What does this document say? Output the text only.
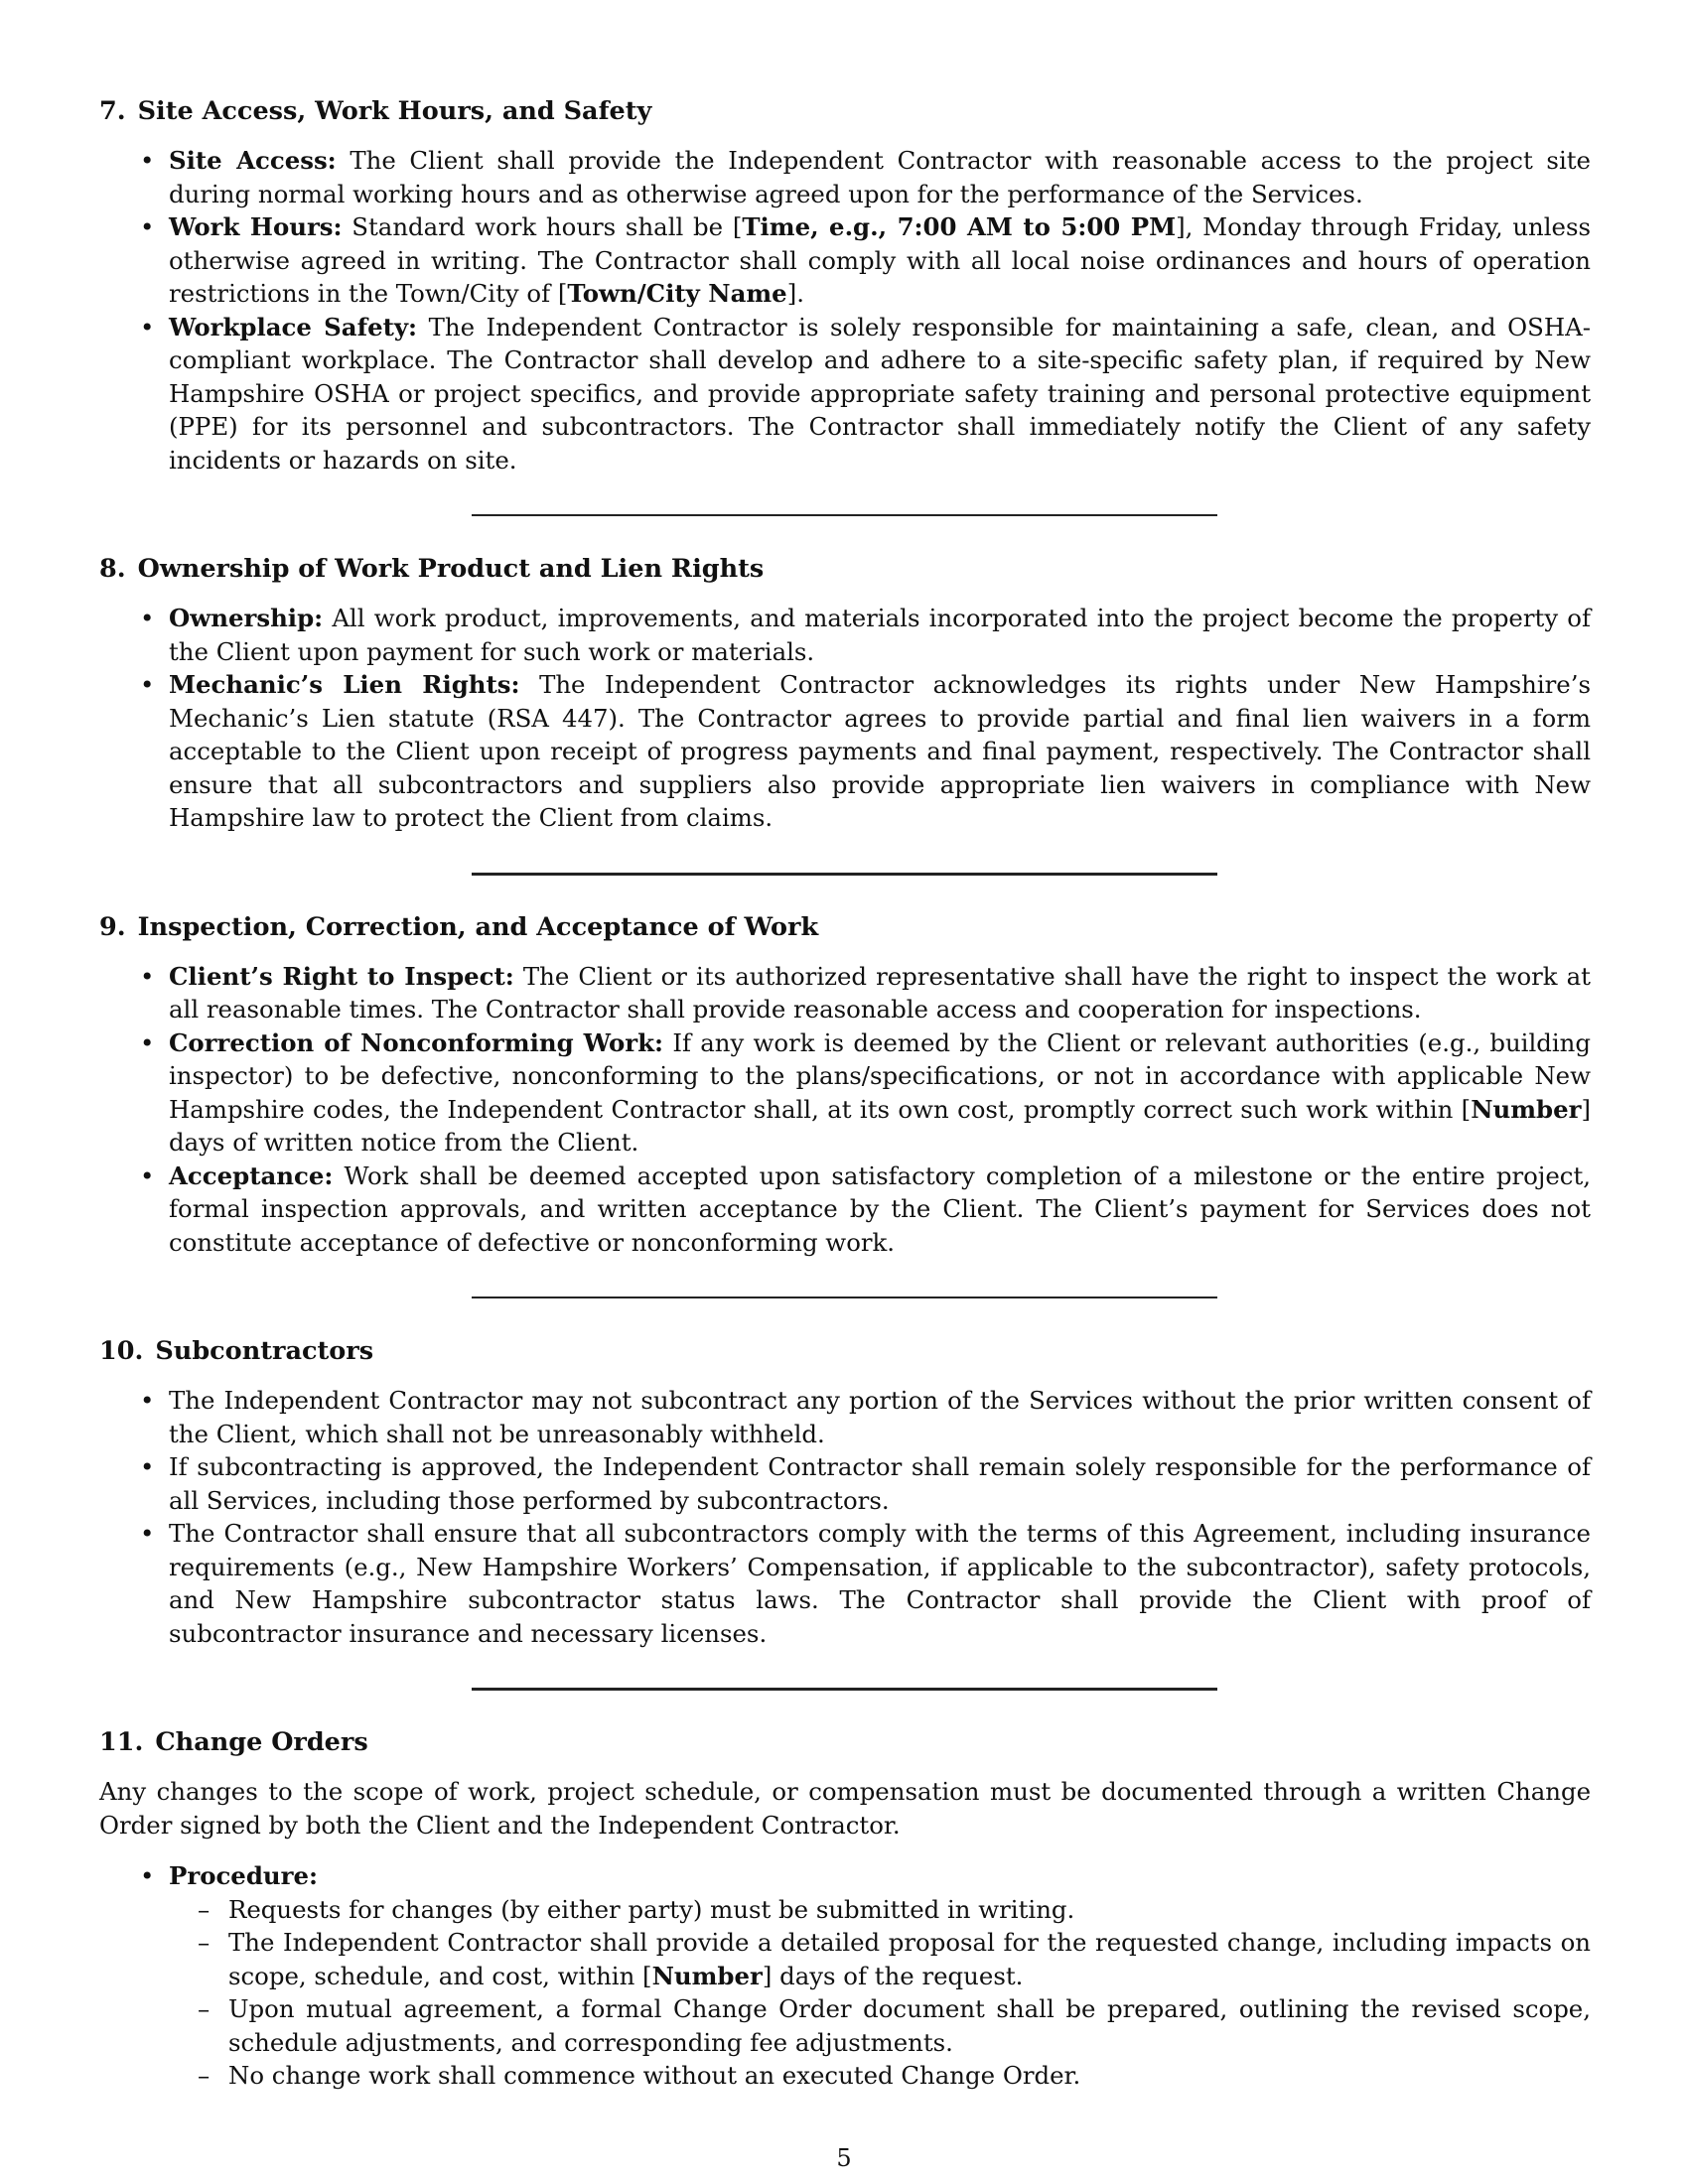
7. Site Access, Work Hours, and Safety
• Site Access: The Client shall provide the Independent Contractor with reasonable access to the project site during normal working hours and as otherwise agreed upon for the performance of the Services.
• Work Hours: Standard work hours shall be [Time, e.g., 7:00 AM to 5:00 PM], Monday through Friday, unless otherwise agreed in writing. The Contractor shall comply with all local noise ordinances and hours of operation restrictions in the Town/City of [Town/City Name].
• Workplace Safety: The Independent Contractor is solely responsible for maintaining a safe, clean, and OSHA-compliant workplace. The Contractor shall develop and adhere to a site-specific safety plan, if required by New Hampshire OSHA or project specifics, and provide appropriate safety training and personal protective equipment (PPE) for its personnel and subcontractors. The Contractor shall immediately notify the Client of any safety incidents or hazards on site.
8. Ownership of Work Product and Lien Rights
• Ownership: All work product, improvements, and materials incorporated into the project become the property of the Client upon payment for such work or materials.
• Mechanic’s Lien Rights: The Independent Contractor acknowledges its rights under New Hampshire’s Mechanic’s Lien statute (RSA 447). The Contractor agrees to provide partial and final lien waivers in a form acceptable to the Client upon receipt of progress payments and final payment, respectively. The Contractor shall ensure that all subcontractors and suppliers also provide appropriate lien waivers in compliance with New Hampshire law to protect the Client from claims.
9. Inspection, Correction, and Acceptance of Work
• Client’s Right to Inspect: The Client or its authorized representative shall have the right to inspect the work at all reasonable times. The Contractor shall provide reasonable access and cooperation for inspections.
• Correction of Nonconforming Work: If any work is deemed by the Client or relevant authorities (e.g., building inspector) to be defective, nonconforming to the plans/specifications, or not in accordance with applicable New Hampshire codes, the Independent Contractor shall, at its own cost, promptly correct such work within [Number] days of written notice from the Client.
• Acceptance: Work shall be deemed accepted upon satisfactory completion of a milestone or the entire project, formal inspection approvals, and written acceptance by the Client. The Client’s payment for Services does not constitute acceptance of defective or nonconforming work.
10. Subcontractors
• The Independent Contractor may not subcontract any portion of the Services without the prior written consent of the Client, which shall not be unreasonably withheld.
• If subcontracting is approved, the Independent Contractor shall remain solely responsible for the performance of all Services, including those performed by subcontractors.
• The Contractor shall ensure that all subcontractors comply with the terms of this Agreement, including insurance requirements (e.g., New Hampshire Workers’ Compensation, if applicable to the subcontractor), safety protocols, and New Hampshire subcontractor status laws. The Contractor shall provide the Client with proof of subcontractor insurance and necessary licenses.
11. Change Orders

Any changes to the scope of work, project schedule, or compensation must be documented through a written Change Order signed by both the Client and the Independent Contractor.

• Procedure:
– Requests for changes (by either party) must be submitted in writing.
– The Independent Contractor shall provide a detailed proposal for the requested change, including impacts on scope, schedule, and cost, within [Number] days of the request.
– Upon mutual agreement, a formal Change Order document shall be prepared, outlining the revised scope, schedule adjustments, and corresponding fee adjustments.
– No change work shall commence without an executed Change Order.
5
